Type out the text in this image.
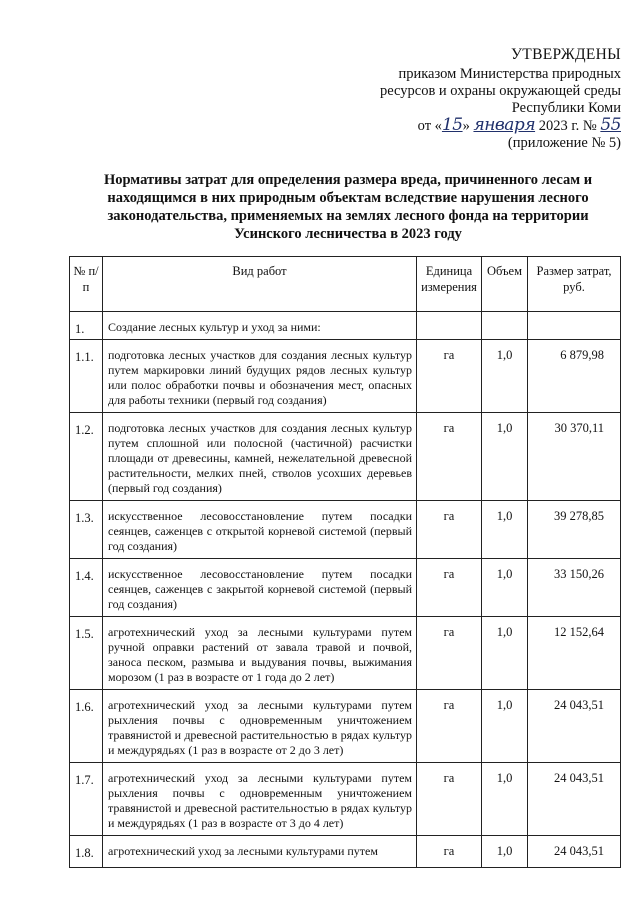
УТВЕРЖДЕНЫ
приказом Министерства природных
ресурсов и охраны окружающей среды
Республики Коми
от «15» января 2023 г. № 55
(приложение № 5)
Нормативы затрат для определения размера вреда, причиненного лесам и находящимся в них природным объектам вследствие нарушения лесного законодательства, применяемых на землях лесного фонда на территории Усинского лесничества в 2023 году
№ п/п	Вид работ	Единица измерения	Объем	Размер затрат, руб.
1.	Создание лесных культур и уход за ними:			
1.1.	подготовка лесных участков для создания лесных культур путем маркировки линий будущих рядов лесных культур или полос обработки почвы и обозначения мест, опасных для работы техники (первый год создания)	га	1,0	6 879,98
1.2.	подготовка лесных участков для создания лесных культур путем сплошной или полосной (частичной) расчистки площади от древесины, камней, нежелательной древесной растительности, мелких пней, стволов усохших деревьев (первый год создания)	га	1,0	30 370,11
1.3.	искусственное лесовосстановление путем посадки сеянцев, саженцев с открытой корневой системой (первый год создания)	га	1,0	39 278,85
1.4.	искусственное лесовосстановление путем посадки сеянцев, саженцев с закрытой корневой системой (первый год создания)	га	1,0	33 150,26
1.5.	агротехнический уход за лесными культурами путем ручной оправки растений от завала травой и почвой, заноса песком, размыва и выдувания почвы, выжимания морозом (1 раз в возрасте от 1 года до 2 лет)	га	1,0	12 152,64
1.6.	агротехнический уход за лесными культурами путем рыхления почвы с одновременным уничтожением травянистой и древесной растительностью в рядах культур и междурядьях (1 раз в возрасте от 2 до 3 лет)	га	1,0	24 043,51
1.7.	агротехнический уход за лесными культурами путем рыхления почвы с одновременным уничтожением травянистой и древесной растительностью в рядах культур и междурядьях (1 раз в возрасте от 3 до 4 лет)	га	1,0	24 043,51
1.8.	агротехнический уход за лесными культурами путем	га	1,0	24 043,51
